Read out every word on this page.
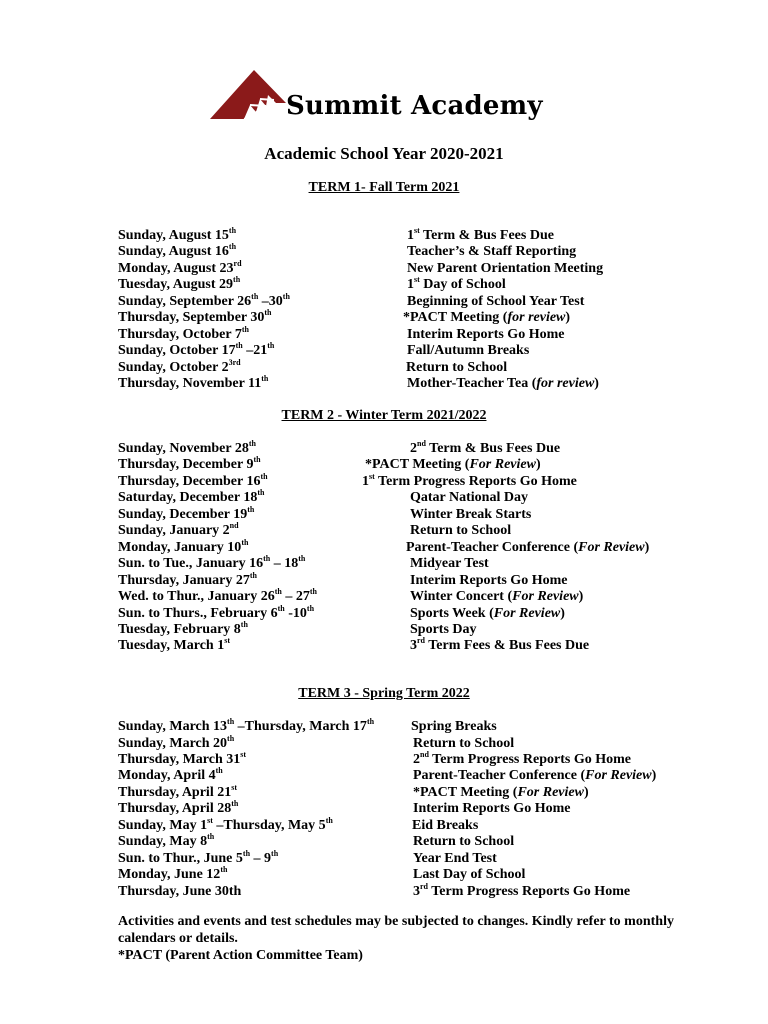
Summit Academy
Academic School Year 2020-2021
TERM 1- Fall Term 2021
Sunday, August 15th	1st Term & Bus Fees Due
Sunday, August 16th	Teacher’s & Staff Reporting
Monday, August 23rd	New Parent Orientation Meeting
Tuesday, August 29th	1st Day of School
Sunday, September 26th –30th	Beginning of School Year Test
Thursday, September 30th	*PACT Meeting (for review)
Thursday, October 7th	Interim Reports Go Home
Sunday, October 17th –21th	Fall/Autumn Breaks
Sunday, October $2^{3rd}$	Return to School
Thursday, November 11th	Mother-Teacher Tea (for review)
TERM 2 - Winter Term 2021/2022
Sunday, November 28th	2nd Term & Bus Fees Due
Thursday, December 9th	*PACT Meeting (For Review)
Thursday, December 16th	1st Term Progress Reports Go Home
Saturday, December 18th	Qatar National Day
Sunday, December 19th	Winter Break Starts
Sunday, January 2nd	Return to School
Monday, January 10th	Parent-Teacher Conference (For Review)
Sun. to Tue., January 16th – 18th	Midyear Test
Thursday, January 27th	Interim Reports Go Home
Wed. to Thur., January 26th – 27th	Winter Concert (For Review)
Sun. to Thurs., February 6th -10th	Sports Week (For Review)
Tuesday, February 8th	Sports Day
Tuesday, March 1st	3rd Term Fees & Bus Fees Due
TERM 3 - Spring Term 2022
Sunday, March 13th –Thursday, March 17th	Spring Breaks
Sunday, March 20th	Return to School
Thursday, March 31st	2nd Term Progress Reports Go Home
Monday, April 4th	Parent-Teacher Conference (For Review)
Thursday, April 21st	*PACT Meeting (For Review)
Thursday, April 28th	Interim Reports Go Home
Sunday, May 1st –Thursday, May 5th	Eid Breaks
Sunday, May 8th	Return to School
Sun. to Thur., June 5th – 9th	Year End Test
Monday, June 12th	Last Day of School
Thursday, June 30th	3rd Term Progress Reports Go Home
Activities and events and test schedules may be subjected to changes. Kindly refer to monthly calendars or details.
*PACT (Parent Action Committee Team)
